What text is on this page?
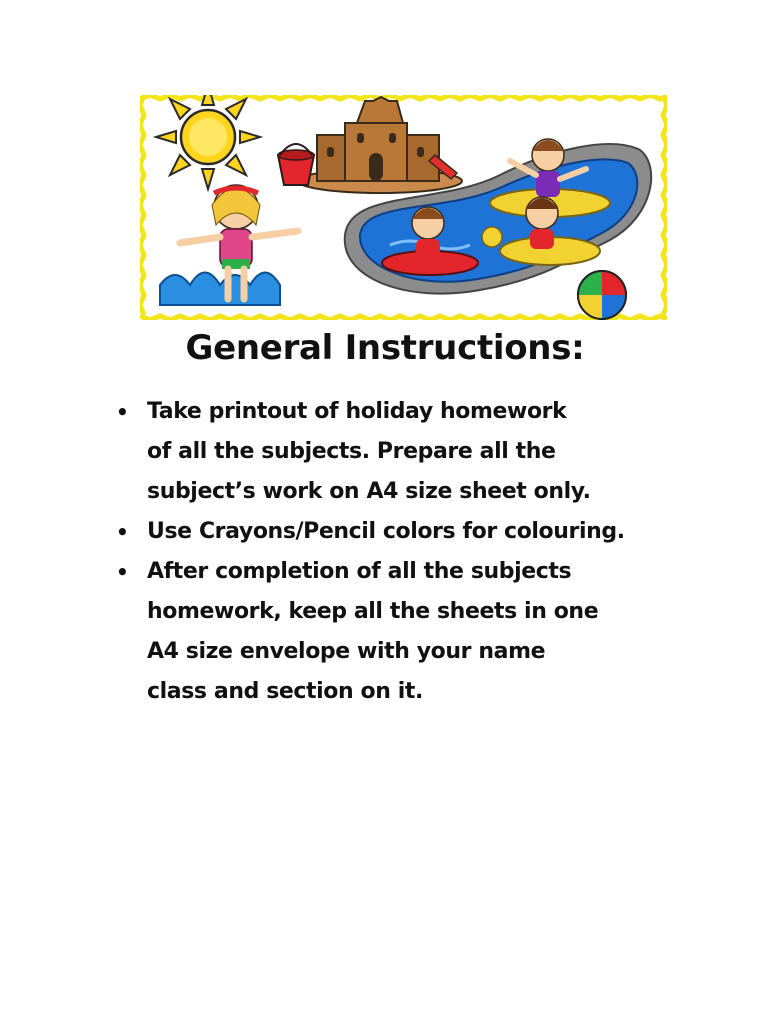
General Instructions:
• Take printout of holiday homework
of all the subjects. Prepare all the
subject’s work on A4 size sheet only.
• Use Crayons/Pencil colors for colouring.
• After completion of all the subjects
homework, keep all the sheets in one
A4 size envelope with your name
class and section on it.
